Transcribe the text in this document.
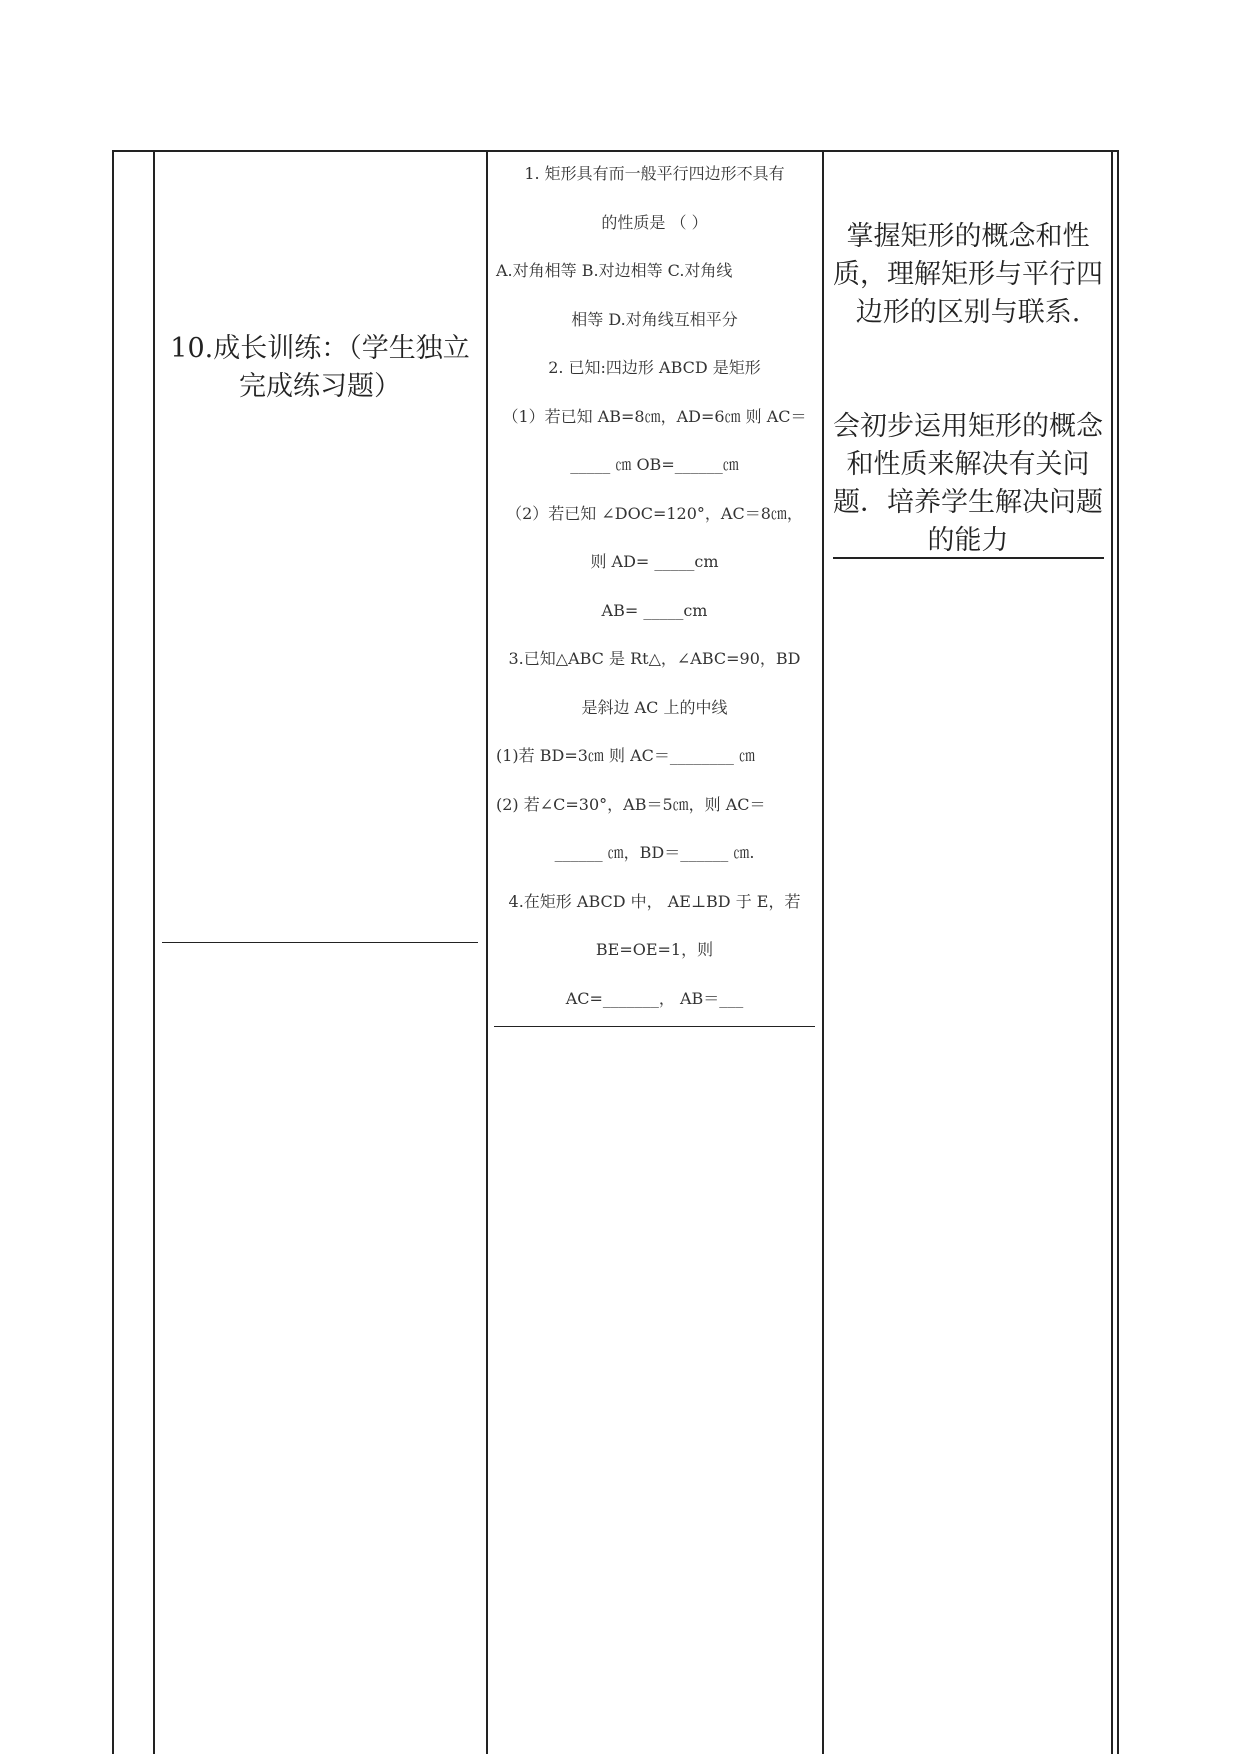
10.成长训练：（学生独立完成练习题）
1. 矩形具有而一般平行四边形不具有
的性质是 （ ）
A.对角相等 B.对边相等 C.对角线
相等 D.对角线互相平分
2. 已知:四边形 ABCD 是矩形
（1）若已知 AB=8㎝，AD=6㎝ 则 AC＝
_____ ㎝ OB=______㎝
（2）若已知 ∠DOC=120°，AC＝8㎝，
则 AD= _____cm
AB= _____cm
3.已知△ABC 是 Rt△，∠ABC=90，BD
是斜边 AC 上的中线
(1)若 BD=3㎝ 则 AC＝________ ㎝
(2) 若∠C=30°，AB＝5㎝，则 AC＝
______ ㎝，BD＝______ ㎝.
4.在矩形 ABCD 中， AE⊥BD 于 E，若
BE=OE=1，则
AC=_______， AB＝___

掌握矩形的概念和性质，理解矩形与平行四边形的区别与联系.

会初步运用矩形的概念和性质来解决有关问题．培养学生解决问题的能力
